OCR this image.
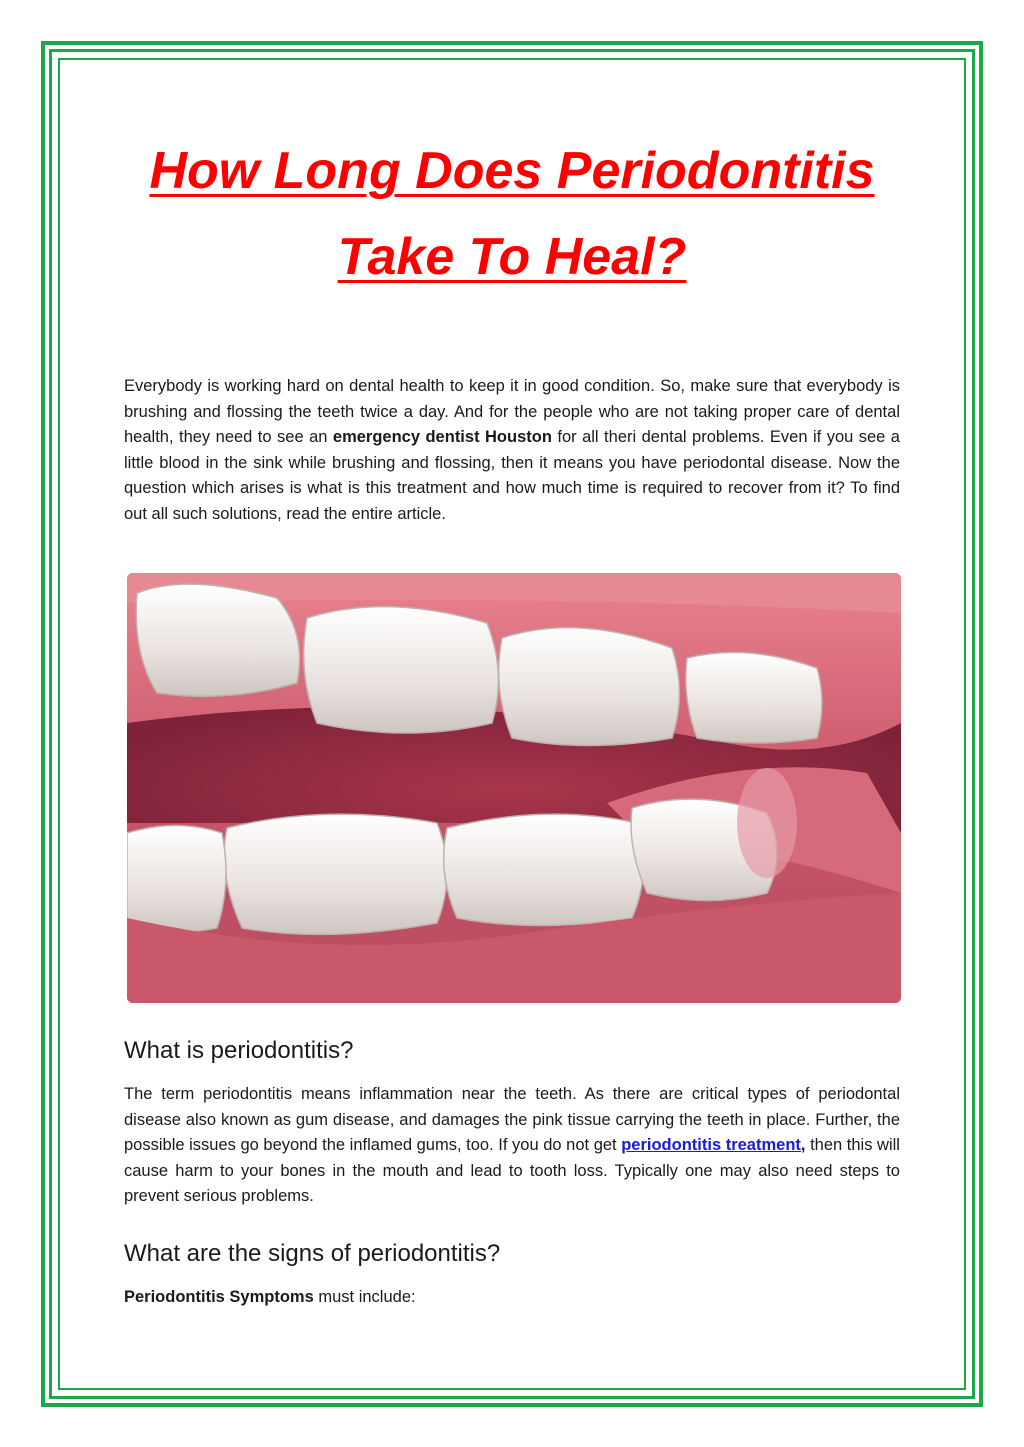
How Long Does Periodontitis Take To Heal?

Everybody is working hard on dental health to keep it in good condition. So, make sure that everybody is brushing and flossing the teeth twice a day. And for the people who are not taking proper care of dental health, they need to see an emergency dentist Houston for all theri dental problems. Even if you see a little blood in the sink while brushing and flossing, then it means you have periodontal disease. Now the question which arises is what is this treatment and how much time is required to recover from it? To find out all such solutions, read the entire article.

What is periodontitis?

The term periodontitis means inflammation near the teeth. As there are critical types of periodontal disease also known as gum disease, and damages the pink tissue carrying the teeth in place. Further, the possible issues go beyond the inflamed gums, too. If you do not get periodontitis treatment, then this will cause harm to your bones in the mouth and lead to tooth loss. Typically one may also need steps to prevent serious problems.

What are the signs of periodontitis?

Periodontitis Symptoms must include:
